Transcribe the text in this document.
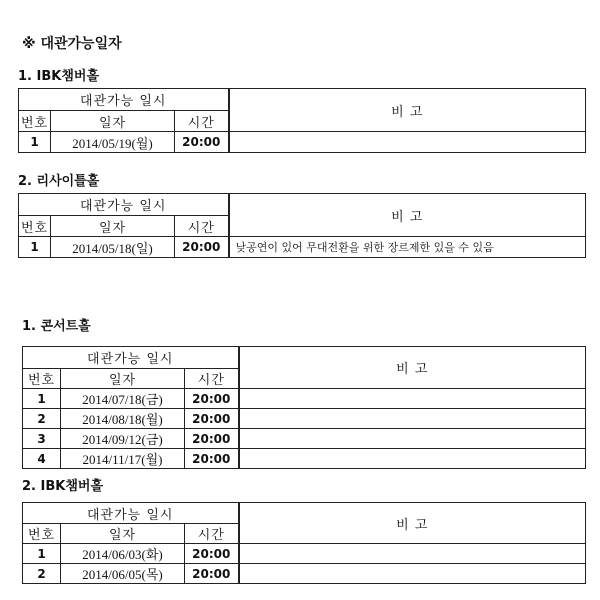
※ 대관가능일자
1. IBK챔버홀
대관가능 일시			비 고
번호	일자	시간	
1	2014/05/19(월)	20:00	
2. 리사이틀홀
대관가능 일시			비 고
번호	일자	시간	
1	2014/05/18(일)	20:00	낮공연이 있어 무대전환을 위한 장르제한 있을 수 있음
1. 콘서트홀
대관가능 일시			비 고
번호	일자	시간	
1	2014/07/18(금)	20:00	
2	2014/08/18(월)	20:00	
3	2014/09/12(금)	20:00	
4	2014/11/17(월)	20:00	
2. IBK챔버홀
대관가능 일시			비 고
번호	일자	시간	
1	2014/06/03(화)	20:00	
2	2014/06/05(목)	20:00	
